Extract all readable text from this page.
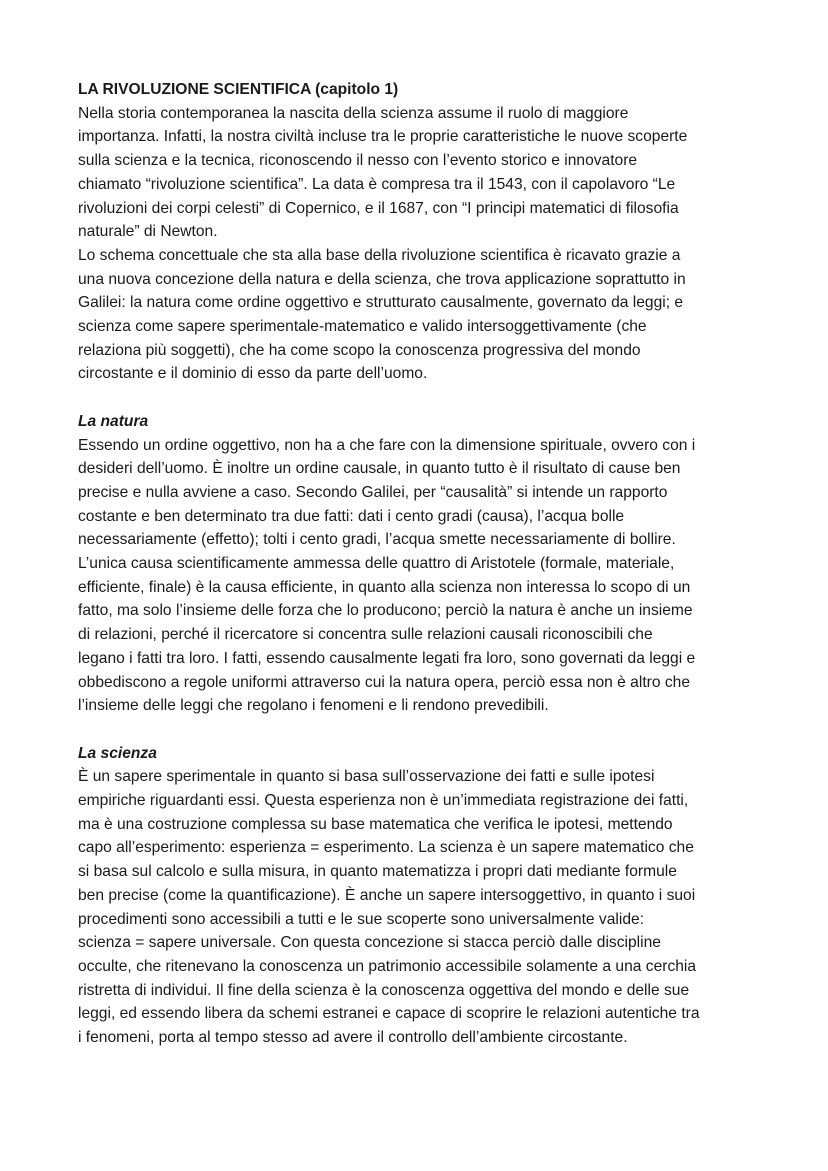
LA RIVOLUZIONE SCIENTIFICA (capitolo 1)
Nella storia contemporanea la nascita della scienza assume il ruolo di maggiore
importanza. Infatti, la nostra civiltà incluse tra le proprie caratteristiche le nuove scoperte
sulla scienza e la tecnica, riconoscendo il nesso con l’evento storico e innovatore
chiamato “rivoluzione scientifica”. La data è compresa tra il 1543, con il capolavoro “Le
rivoluzioni dei corpi celesti” di Copernico, e il 1687, con “I principi matematici di filosofia
naturale” di Newton.
Lo schema concettuale che sta alla base della rivoluzione scientifica è ricavato grazie a
una nuova concezione della natura e della scienza, che trova applicazione soprattutto in
Galilei: la natura come ordine oggettivo e strutturato causalmente, governato da leggi; e
scienza come sapere sperimentale-matematico e valido intersoggettivamente (che
relaziona più soggetti), che ha come scopo la conoscenza progressiva del mondo
circostante e il dominio di esso da parte dell’uomo.
La natura
Essendo un ordine oggettivo, non ha a che fare con la dimensione spirituale, ovvero con i
desideri dell’uomo. È inoltre un ordine causale, in quanto tutto è il risultato di cause ben
precise e nulla avviene a caso. Secondo Galilei, per “causalità” si intende un rapporto
costante e ben determinato tra due fatti: dati i cento gradi (causa), l’acqua bolle
necessariamente (effetto); tolti i cento gradi, l’acqua smette necessariamente di bollire.
L’unica causa scientificamente ammessa delle quattro di Aristotele (formale, materiale,
efficiente, finale) è la causa efficiente, in quanto alla scienza non interessa lo scopo di un
fatto, ma solo l’insieme delle forza che lo producono; perciò la natura è anche un insieme
di relazioni, perché il ricercatore si concentra sulle relazioni causali riconoscibili che
legano i fatti tra loro. I fatti, essendo causalmente legati fra loro, sono governati da leggi e
obbediscono a regole uniformi attraverso cui la natura opera, perciò essa non è altro che
l’insieme delle leggi che regolano i fenomeni e li rendono prevedibili.
La scienza
È un sapere sperimentale in quanto si basa sull’osservazione dei fatti e sulle ipotesi
empiriche riguardanti essi. Questa esperienza non è un’immediata registrazione dei fatti,
ma è una costruzione complessa su base matematica che verifica le ipotesi, mettendo
capo all’esperimento: esperienza = esperimento. La scienza è un sapere matematico che
si basa sul calcolo e sulla misura, in quanto matematizza i propri dati mediante formule
ben precise (come la quantificazione). È anche un sapere intersoggettivo, in quanto i suoi
procedimenti sono accessibili a tutti e le sue scoperte sono universalmente valide:
scienza = sapere universale. Con questa concezione si stacca perciò dalle discipline
occulte, che ritenevano la conoscenza un patrimonio accessibile solamente a una cerchia
ristretta di individui. Il fine della scienza è la conoscenza oggettiva del mondo e delle sue
leggi, ed essendo libera da schemi estranei e capace di scoprire le relazioni autentiche tra
i fenomeni, porta al tempo stesso ad avere il controllo dell’ambiente circostante.
